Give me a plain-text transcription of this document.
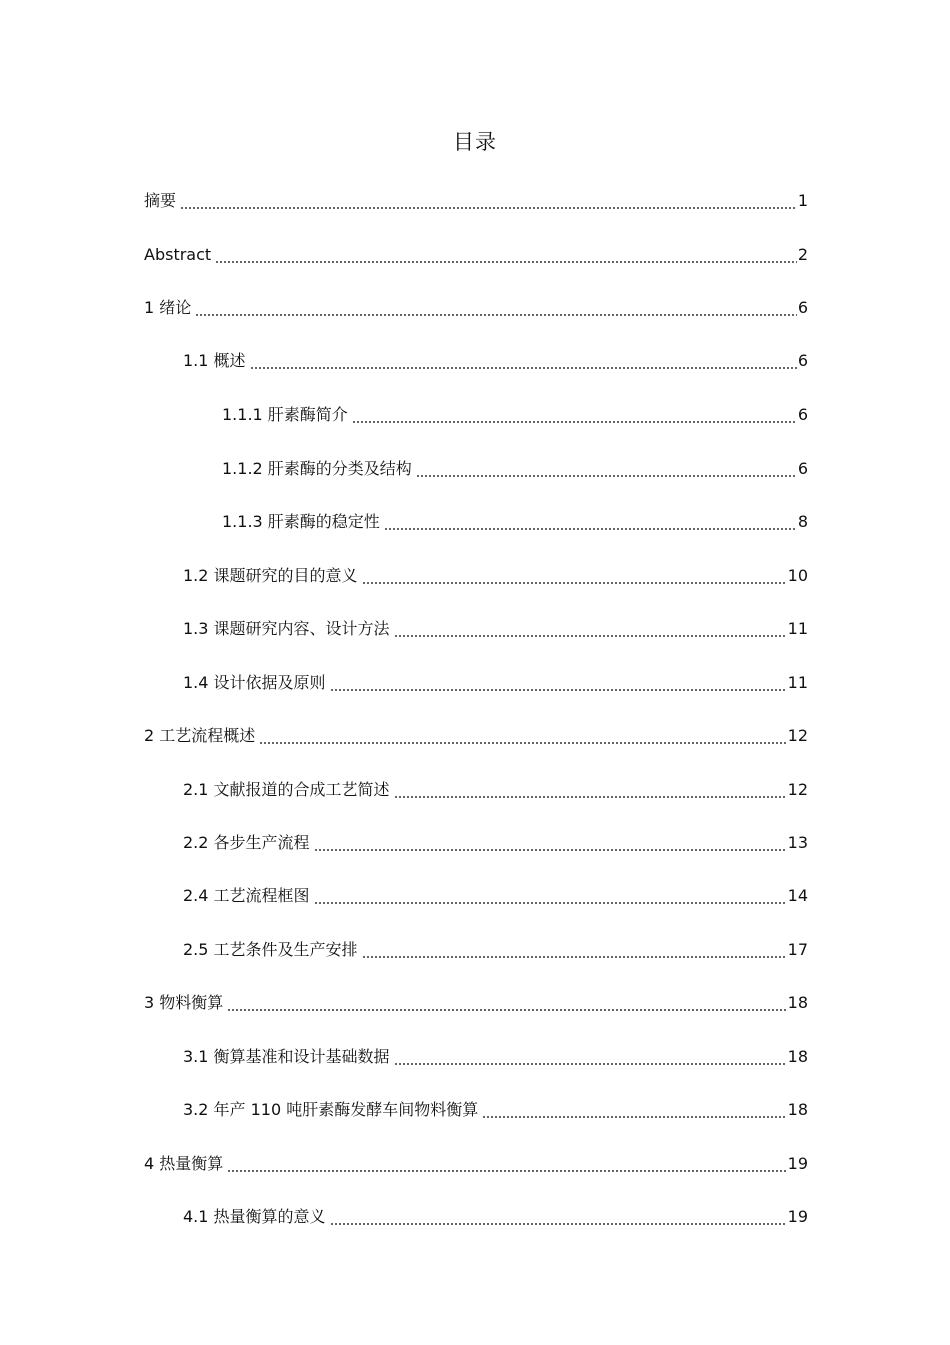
目录
摘要	1
Abstract	2
1 绪论	6
1.1 概述	6
1.1.1 肝素酶简介	6
1.1.2 肝素酶的分类及结构	6
1.1.3 肝素酶的稳定性	8
1.2 课题研究的目的意义	10
1.3 课题研究内容、设计方法	11
1.4 设计依据及原则	11
2 工艺流程概述	12
2.1 文献报道的合成工艺简述	12
2.2 各步生产流程	13
2.4 工艺流程框图	14
2.5 工艺条件及生产安排	17
3 物料衡算	18
3.1 衡算基准和设计基础数据	18
3.2 年产 110 吨肝素酶发酵车间物料衡算	18
4 热量衡算	19
4.1 热量衡算的意义	19
